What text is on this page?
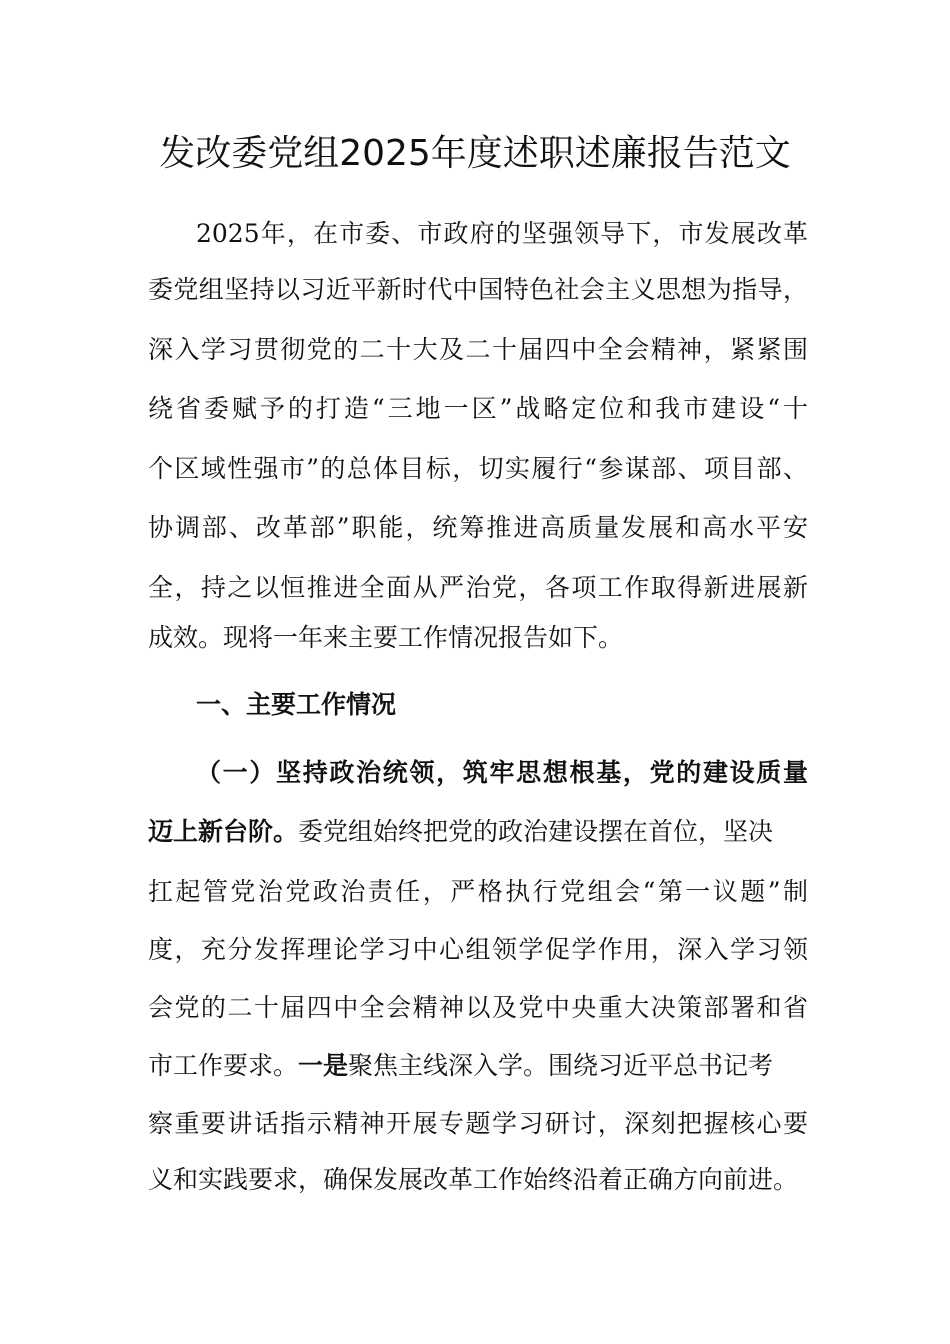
发改委党组2025年度述职述廉报告范文
2025年，在市委、市政府的坚强领导下，市发展改革
委党组坚持以习近平新时代中国特色社会主义思想为指导，
深入学习贯彻党的二十大及二十届四中全会精神，紧紧围
绕省委赋予的打造“三地一区”战略定位和我市建设“十
个区域性强市”的总体目标，切实履行“参谋部、项目部、
协调部、改革部”职能，统筹推进高质量发展和高水平安
全，持之以恒推进全面从严治党，各项工作取得新进展新
成效。现将一年来主要工作情况报告如下。
一、主要工作情况
（一）坚持政治统领，筑牢思想根基，党的建设质量
迈上新台阶。委党组始终把党的政治建设摆在首位，坚决
扛起管党治党政治责任，严格执行党组会“第一议题”制
度，充分发挥理论学习中心组领学促学作用，深入学习领
会党的二十届四中全会精神以及党中央重大决策部署和省
市工作要求。一是聚焦主线深入学。围绕习近平总书记考
察重要讲话指示精神开展专题学习研讨，深刻把握核心要
义和实践要求，确保发展改革工作始终沿着正确方向前进。
